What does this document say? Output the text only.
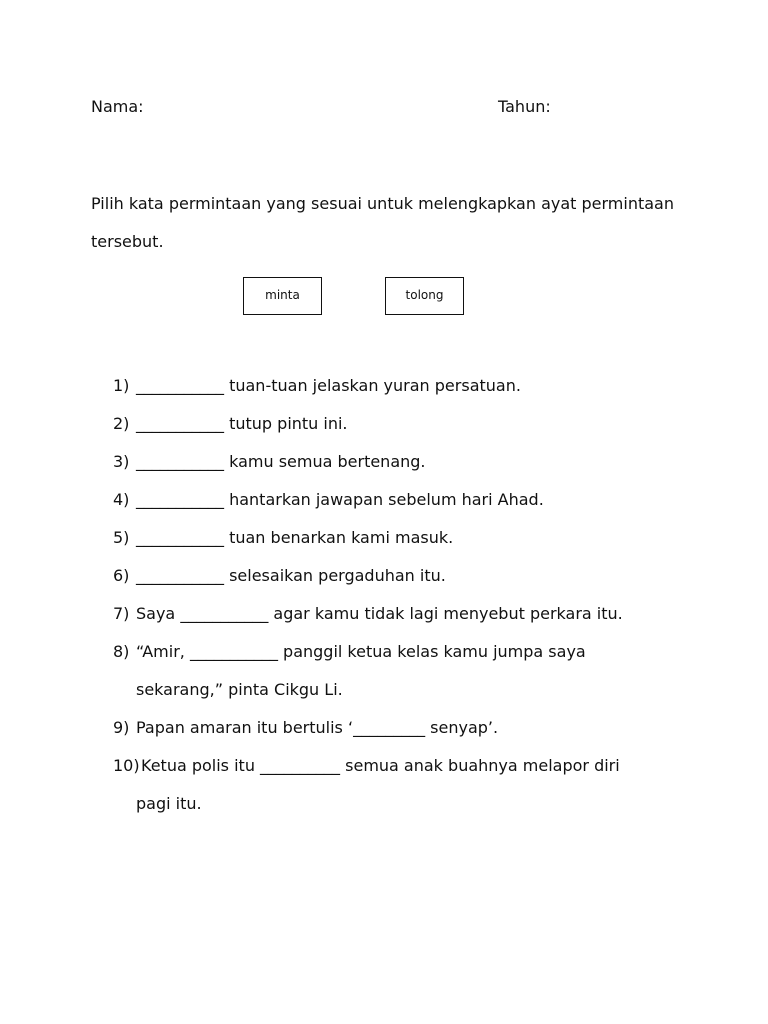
Nama:	Tahun:
Pilih kata permintaan yang sesuai untuk melengkapkan ayat permintaan
tersebut.
minta	tolong
1) ___________ tuan-tuan jelaskan yuran persatuan.
2) ___________ tutup pintu ini.
3) ___________ kamu semua bertenang.
4) ___________ hantarkan jawapan sebelum hari Ahad.
5) ___________ tuan benarkan kami masuk.
6) ___________ selesaikan pergaduhan itu.
7) Saya ___________ agar kamu tidak lagi menyebut perkara itu.
8) “Amir, ___________ panggil ketua kelas kamu jumpa saya
sekarang,” pinta Cikgu Li.
9) Papan amaran itu bertulis ‘_________ senyap’.
10) Ketua polis itu __________ semua anak buahnya melapor diri
pagi itu.
